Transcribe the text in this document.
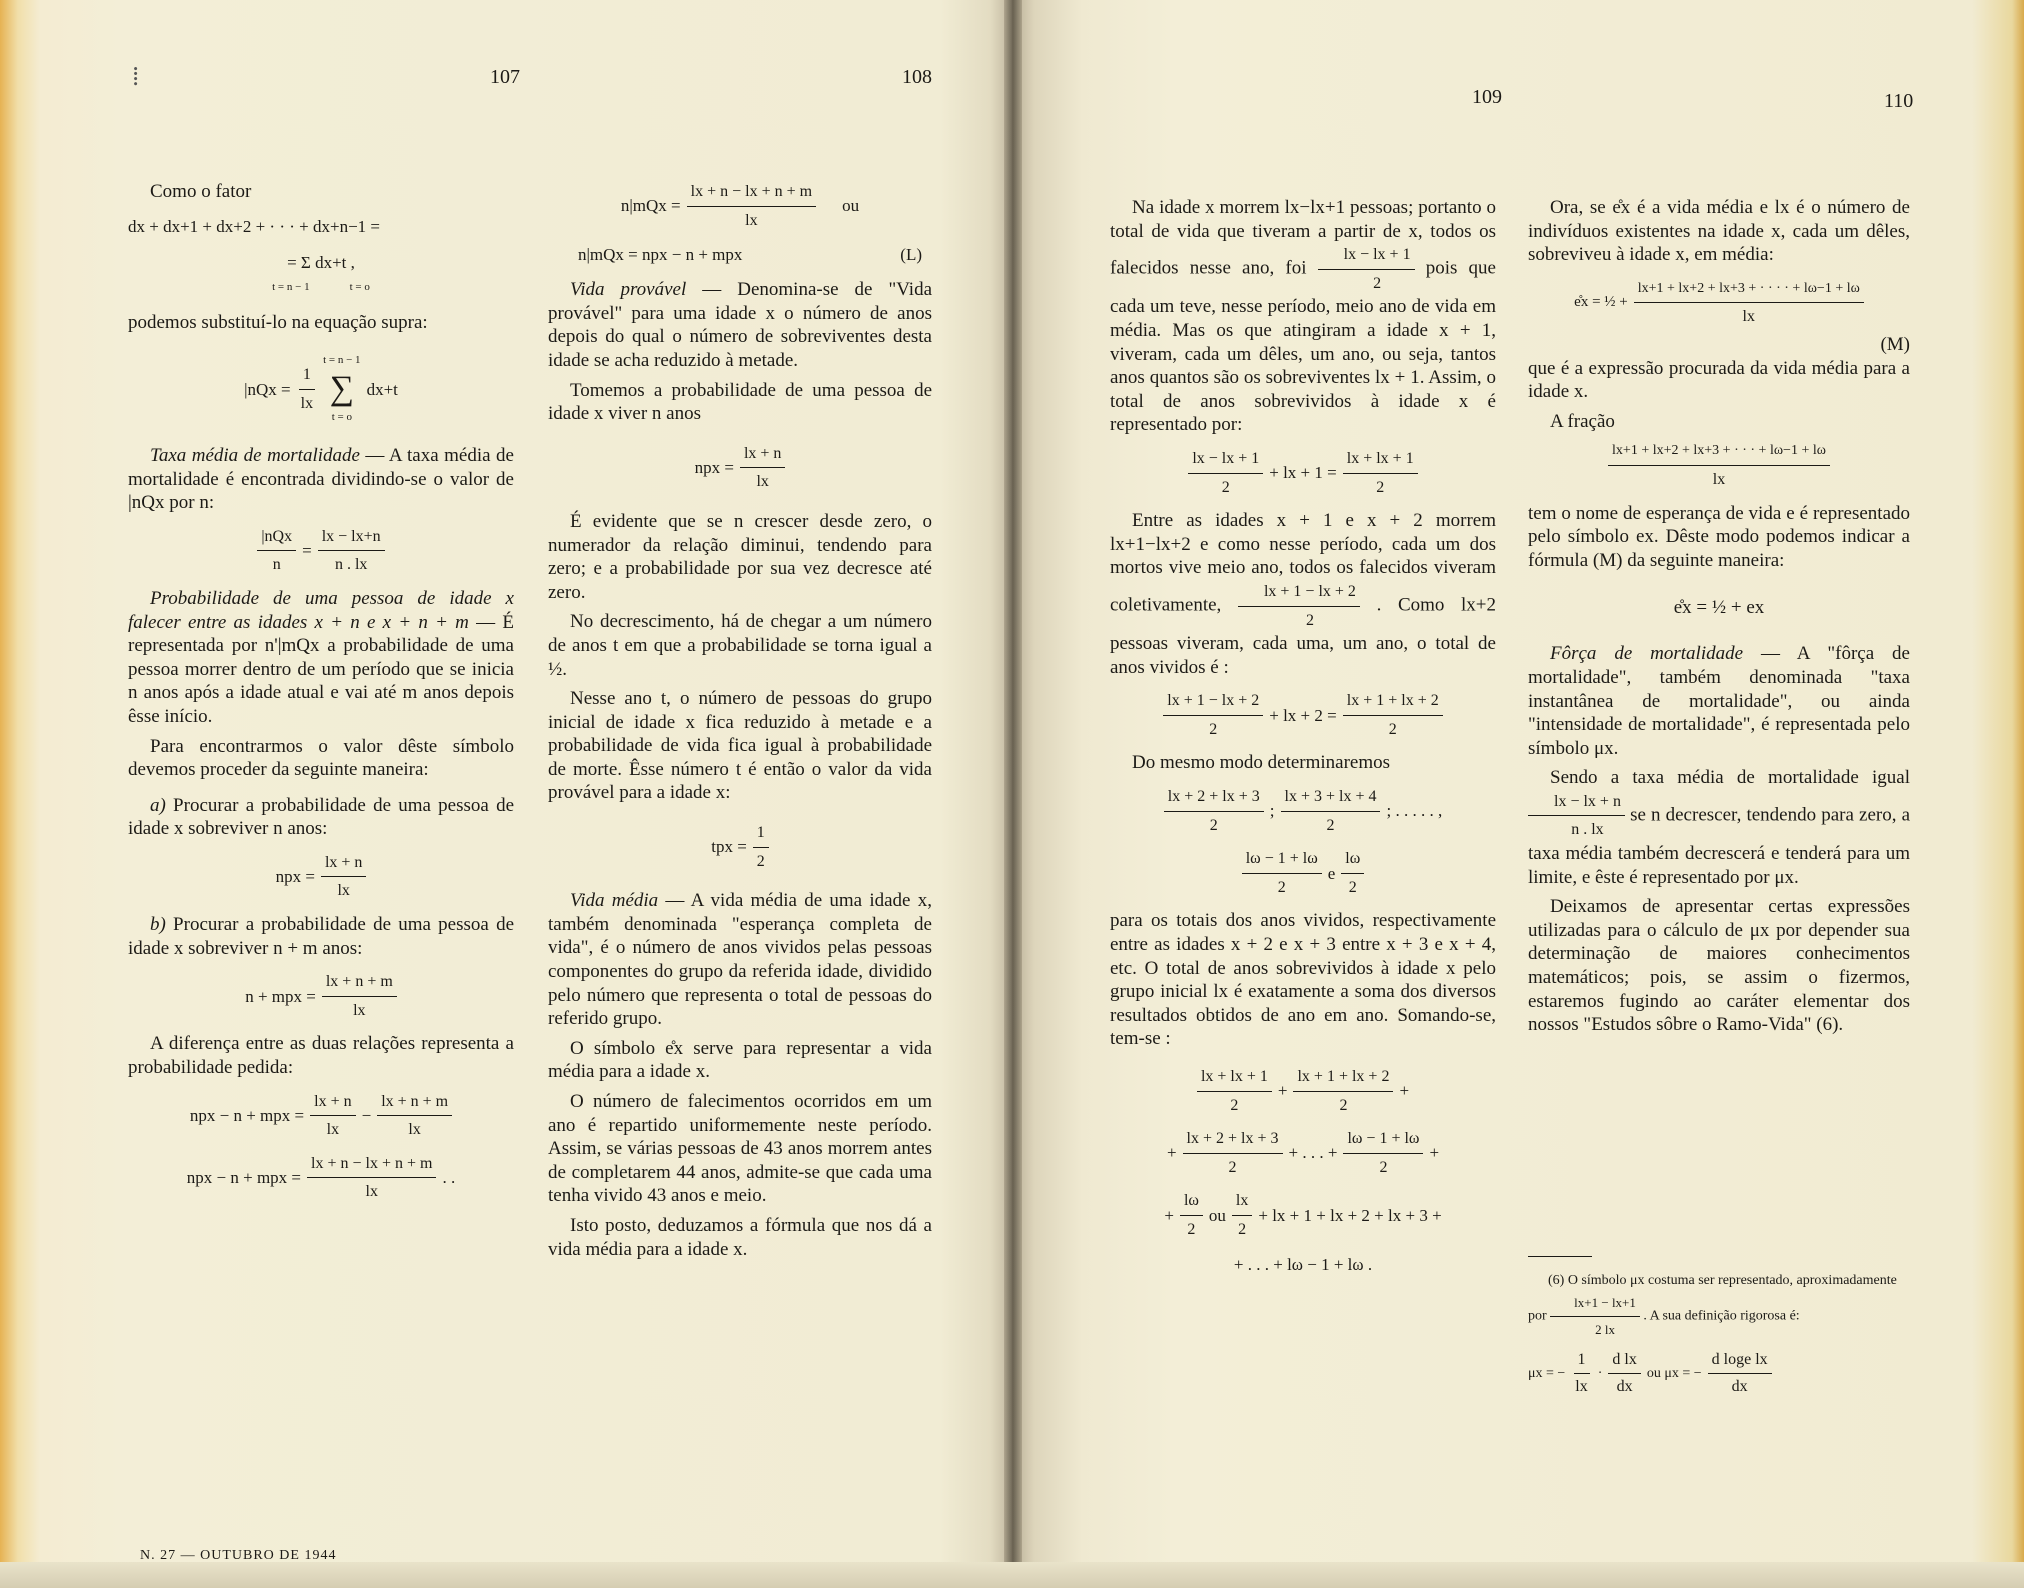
⁞	107	108
109	110

Como o fator

dx + dx+1 + dx+2 + · · · + dx+n−1 =
= Σ dx+t ,
t = n − 1	t = o

podemos substituí-lo na equação supra:

$|nQx = \frac{1}{lx}$
t = n − 1
∑
t = o
dx+t

Taxa média de mortalidade — A taxa média de mortalidade é encontrada dividindo-se o valor de |nQx por n:

$\frac{\text{|nQx}}{n} = \frac{lx - lx+n}{n . lx}$

Probabilidade de uma pessoa de idade x falecer entre as idades x + n e x + n + m — É representada por n'|mQx a probabilidade de uma pessoa morrer dentro de um período que se inicia n anos após a idade atual e vai até m anos depois êsse início.

Para encontrarmos o valor dêste símbolo devemos proceder da seguinte maneira:

a) Procurar a probabilidade de uma pessoa de idade x sobreviver n anos:

npx = $\frac{lx + n}{lx}$

b) Procurar a probabilidade de uma pessoa de idade x sobreviver n + m anos:

n + mpx = $\frac{lx + n + m}{lx}$

A diferença entre as duas relações representa a probabilidade pedida:

npx − n + mpx = $\frac{lx + n}{lx} - \frac{lx + n + m}{lx}$
npx − n + mpx = $\frac{lx + n - lx + n + m}{lx}$ . .
$n|mQx = \frac{lx + n - lx + n + m}{lx}$ ou
n|mQx = npx − n + mpx	(L)

Vida provável — Denomina-se de "Vida provável" para uma idade x o número de anos depois do qual o número de sobreviventes desta idade se acha reduzido à metade.

Tomemos a probabilidade de uma pessoa de idade x viver n anos

npx = $\frac{lx + n}{lx}$

É evidente que se n crescer desde zero, o numerador da relação diminui, tendendo para zero; e a probabilidade por sua vez decresce até zero.

No decrescimento, há de chegar a um número de anos t em que a probabilidade se torna igual a ½.

Nesse ano t, o número de pessoas do grupo inicial de idade x fica reduzido à metade e a probabilidade de vida fica igual à probabilidade de morte. Êsse número t é então o valor da vida provável para a idade x:

tpx = $\frac{1}{2}$

Vida média — A vida média de uma idade x, também denominada "esperança completa de vida", é o número de anos vividos pelas pessoas componentes do grupo da referida idade, dividido pelo número que representa o total de pessoas do referido grupo.

O símbolo e̊x serve para representar a vida média para a idade x.

O número de falecimentos ocorridos em um ano é repartido uniformemente neste período. Assim, se várias pessoas de 43 anos morrem antes de completarem 44 anos, admite-se que cada uma tenha vivido 43 anos e meio.

Isto posto, deduzamos a fórmula que nos dá a vida média para a idade x.

Na idade x morrem lx−lx+1 pessoas; portanto o total de vida que tiveram a partir de x, todos os falecidos nesse ano, foi $\frac{lx - lx + 1}{2}$ pois que cada um teve, nesse período, meio ano de vida em média. Mas os que atingiram a idade x + 1, viveram, cada um dêles, um ano, ou seja, tantos anos quantos são os sobreviventes lx + 1. Assim, o total de anos sobrevividos à idade x é representado por:

$\frac{lx - lx + 1}{2}$ + lx + $1 = \frac{lx + lx + 1}{2}$

Entre as idades x + 1 e x + 2 morrem lx+1−lx+2 e como nesse período, cada um dos mortos vive meio ano, todos os falecidos viveram coletivamente, $\frac{lx + 1 - lx + 2}{2}$ . Como lx+2 pessoas viveram, cada uma, um ano, o total de anos vividos é :

$\frac{lx + 1 - lx + 2}{2}$ + lx + $2 = \frac{lx + 1 + lx + 2}{2}$

Do mesmo modo determinaremos

$\frac{lx + 2 + lx + 3}{2}$ ; $\frac{lx + 3 + lx + 4}{2}$ ; . . . . . ,
$\frac{l\omega - 1 + l\omega}{2}$ e $\frac{l\omega}{2}$

para os totais dos anos vividos, respectivamente entre as idades x + 2 e x + 3 entre x + 3 e x + 4, etc. O total de anos sobrevividos à idade x pelo grupo inicial lx é exatamente a soma dos diversos resultados obtidos de ano em ano. Somando-se, tem-se :

$\frac{lx + lx + 1}{2} + \frac{lx + 1 + lx + 2}{2}$ +
+ $\frac{lx + 2 + lx + 3}{2}$ + . . . + $\frac{l\omega - 1 + l\omega}{2}$ +
+ $\frac{l\omega}{2}$ ou $\frac{lx}{2}$ + lx + 1 + lx + 2 + lx + 3 +
+ . . . + lω − 1 + lω .

Ora, se e̊x é a vida média e lx é o número de indivíduos existentes na idade x, cada um dêles, sobreviveu à idade x, em média:

e̊x = ½ + $\frac{lx+1 + lx+2 + lx+3 + \cdot \cdot \cdot \cdot + l\omega-1 + l\omega}{lx}$
(M)

que é a expressão procurada da vida média para a idade x.

A fração

$\frac{lx+1 + lx+2 + lx+3 + \cdot \cdot \cdot + l\omega-1 + l\omega}{lx}$

tem o nome de esperança de vida e é representado pelo símbolo ex. Dêste modo podemos indicar a fórmula (M) da seguinte maneira:

e̊x = ½ + ex

Fôrça de mortalidade — A "fôrça de mortalidade", também denominada "taxa instantânea de mortalidade", ou ainda "intensidade de mortalidade", é representada pelo símbolo μx.

Sendo a taxa média de mortalidade igual
$\frac{lx - lx + n}{n . lx}$ se n decrescer, tendendo para zero, a taxa média também decrescerá e tenderá para um limite, e êste é representado por μx.

Deixamos de apresentar certas expressões utilizadas para o cálculo de μx por depender sua determinação de maiores conhecimentos matemáticos; pois, se assim o fizermos, estaremos fugindo ao caráter elementar dos nossos "Estudos sôbre o Ramo-Vida" (6).

(6) O símbolo μx costuma ser representado, aproximadamente por $\frac{lx+1 - lx+1}{2 lx}$ . A sua definição rigorosa é:
μx = − $\frac{1}{lx} \cdot \frac{\text{d lx}}{dx}$ ou μx = − $\frac{\text{d loge lx}}{dx}$
N. 27 — OUTUBRO DE 1944
